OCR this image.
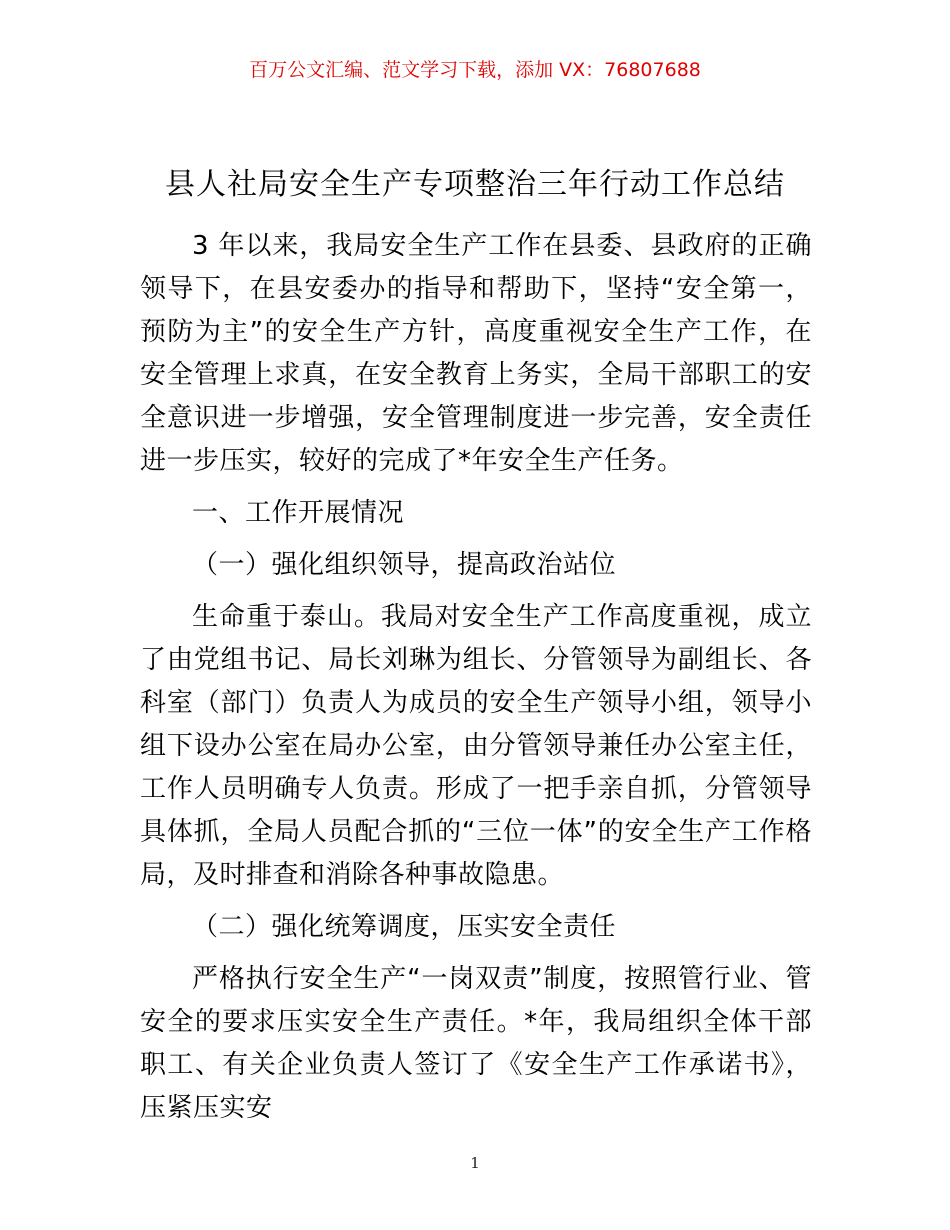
百万公文汇编、范文学习下载，添加 VX：76807688
县人社局安全生产专项整治三年行动工作总结

3 年以来，我局安全生产工作在县委、县政府的正确领导下，在县安委办的指导和帮助下，坚持“安全第一，预防为主”的安全生产方针，高度重视安全生产工作，在安全管理上求真，在安全教育上务实，全局干部职工的安全意识进一步增强，安全管理制度进一步完善，安全责任进一步压实，较好的完成了*年安全生产任务。

一、工作开展情况

（一）强化组织领导，提高政治站位

生命重于泰山。我局对安全生产工作高度重视，成立了由党组书记、局长刘琳为组长、分管领导为副组长、各科室（部门）负责人为成员的安全生产领导小组，领导小组下设办公室在局办公室，由分管领导兼任办公室主任，工作人员明确专人负责。形成了一把手亲自抓，分管领导具体抓，全局人员配合抓的“三位一体”的安全生产工作格局，及时排查和消除各种事故隐患。

（二）强化统筹调度，压实安全责任

严格执行安全生产“一岗双责”制度，按照管行业、管安全的要求压实安全生产责任。*年，我局组织全体干部职工、有关企业负责人签订了《安全生产工作承诺书》，压紧压实安

1
